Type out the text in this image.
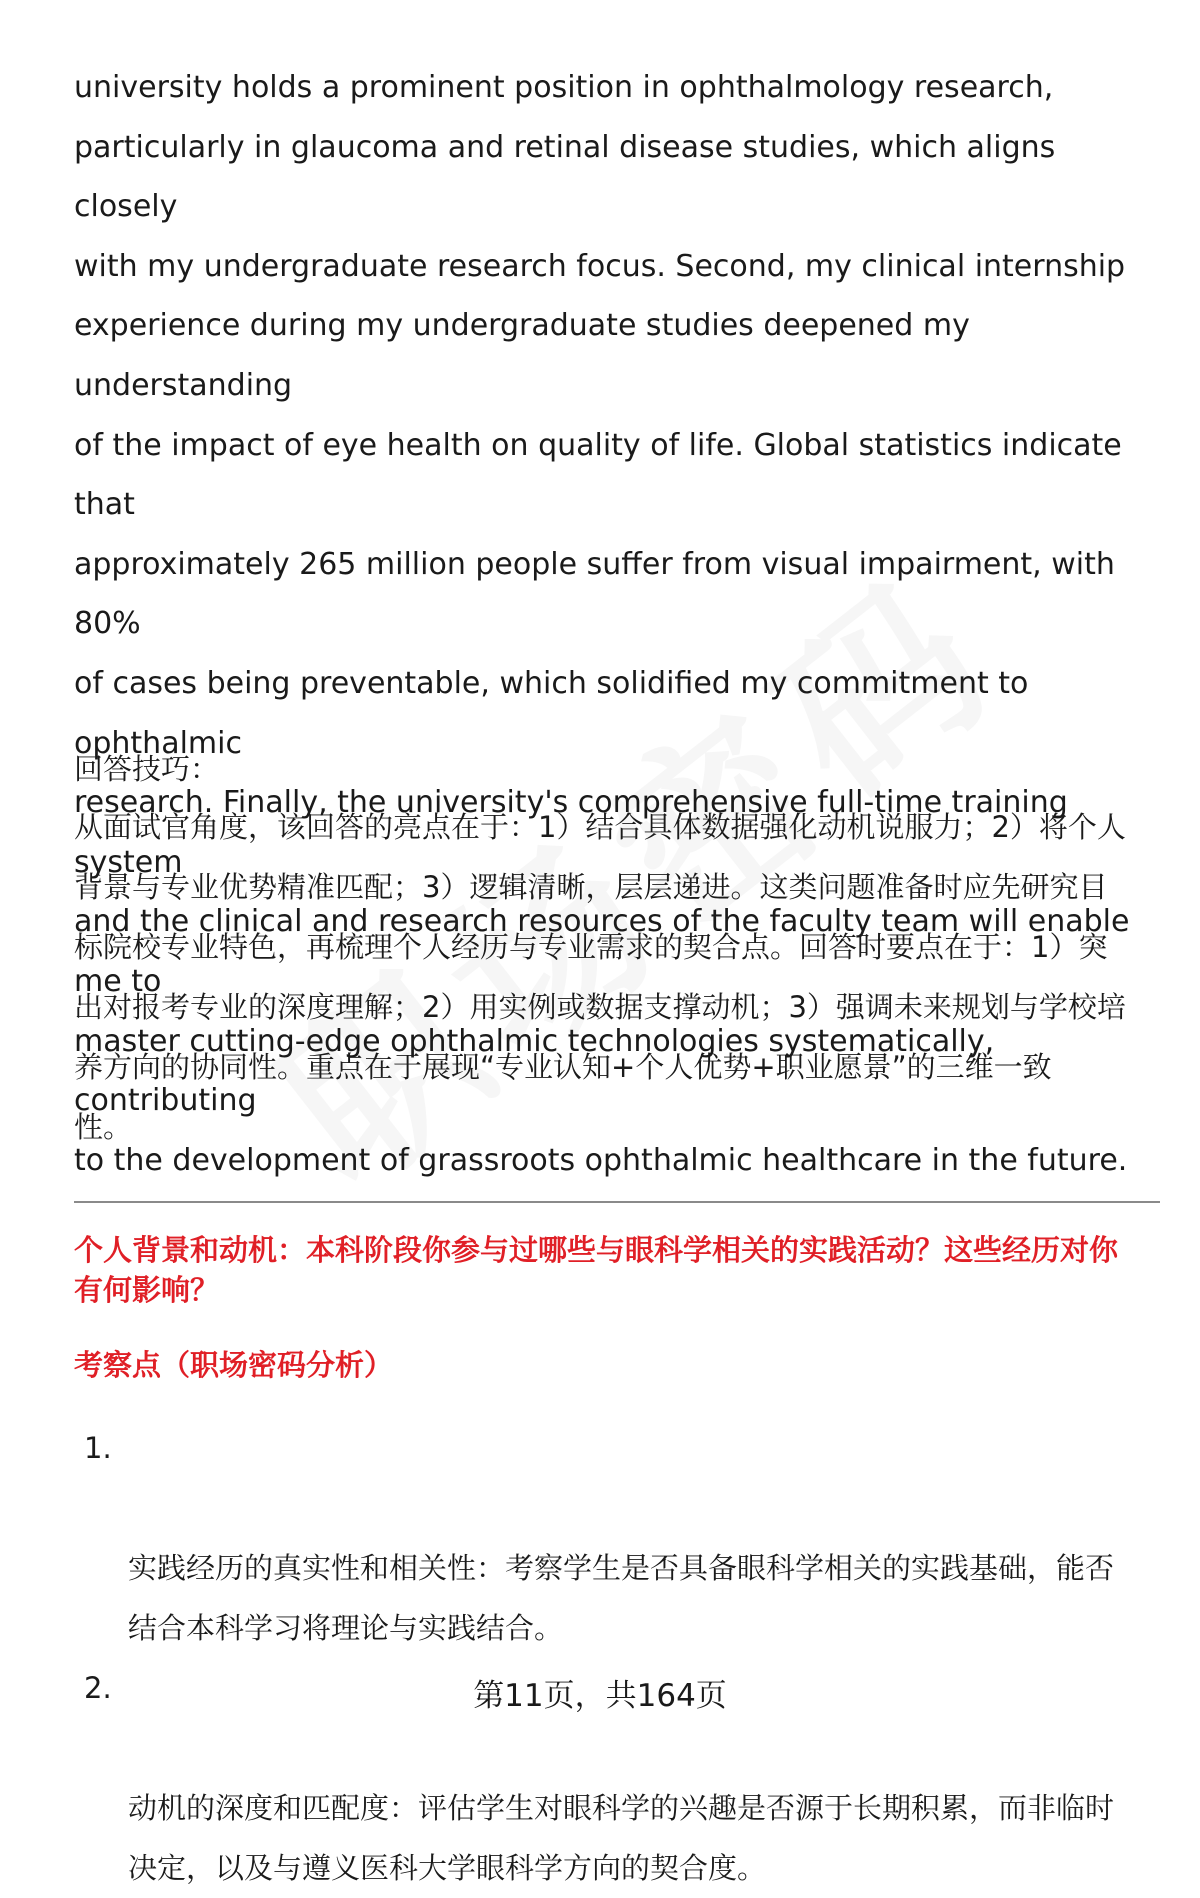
university holds a prominent position in ophthalmology research,
particularly in glaucoma and retinal disease studies, which aligns closely
with my undergraduate research focus. Second, my clinical internship
experience during my undergraduate studies deepened my understanding
of the impact of eye health on quality of life. Global statistics indicate that
approximately 265 million people suffer from visual impairment, with 80%
of cases being preventable, which solidified my commitment to ophthalmic
research. Finally, the university's comprehensive full-time training system
and the clinical and research resources of the faculty team will enable me to
master cutting-edge ophthalmic technologies systematically, contributing
to the development of grassroots ophthalmic healthcare in the future.

回答技巧：

从面试官角度，该回答的亮点在于：1）结合具体数据强化动机说服力；2）将个人
背景与专业优势精准匹配；3）逻辑清晰，层层递进。这类问题准备时应先研究目
标院校专业特色，再梳理个人经历与专业需求的契合点。回答时要点在于：1）突
出对报考专业的深度理解；2）用实例或数据支撑动机；3）强调未来规划与学校培
养方向的协同性。重点在于展现“专业认知+个人优势+职业愿景”的三维一致
性。

个人背景和动机：本科阶段你参与过哪些与眼科学相关的实践活动？这些经历对你
有何影响？

考察点（职场密码分析）

1.

实践经历的真实性和相关性：考察学生是否具备眼科学相关的实践基础，能否
结合本科学习将理论与实践结合。

2.

动机的深度和匹配度：评估学生对眼科学的兴趣是否源于长期积累，而非临时
决定，以及与遵义医科大学眼科学方向的契合度。

第11页，共164页
